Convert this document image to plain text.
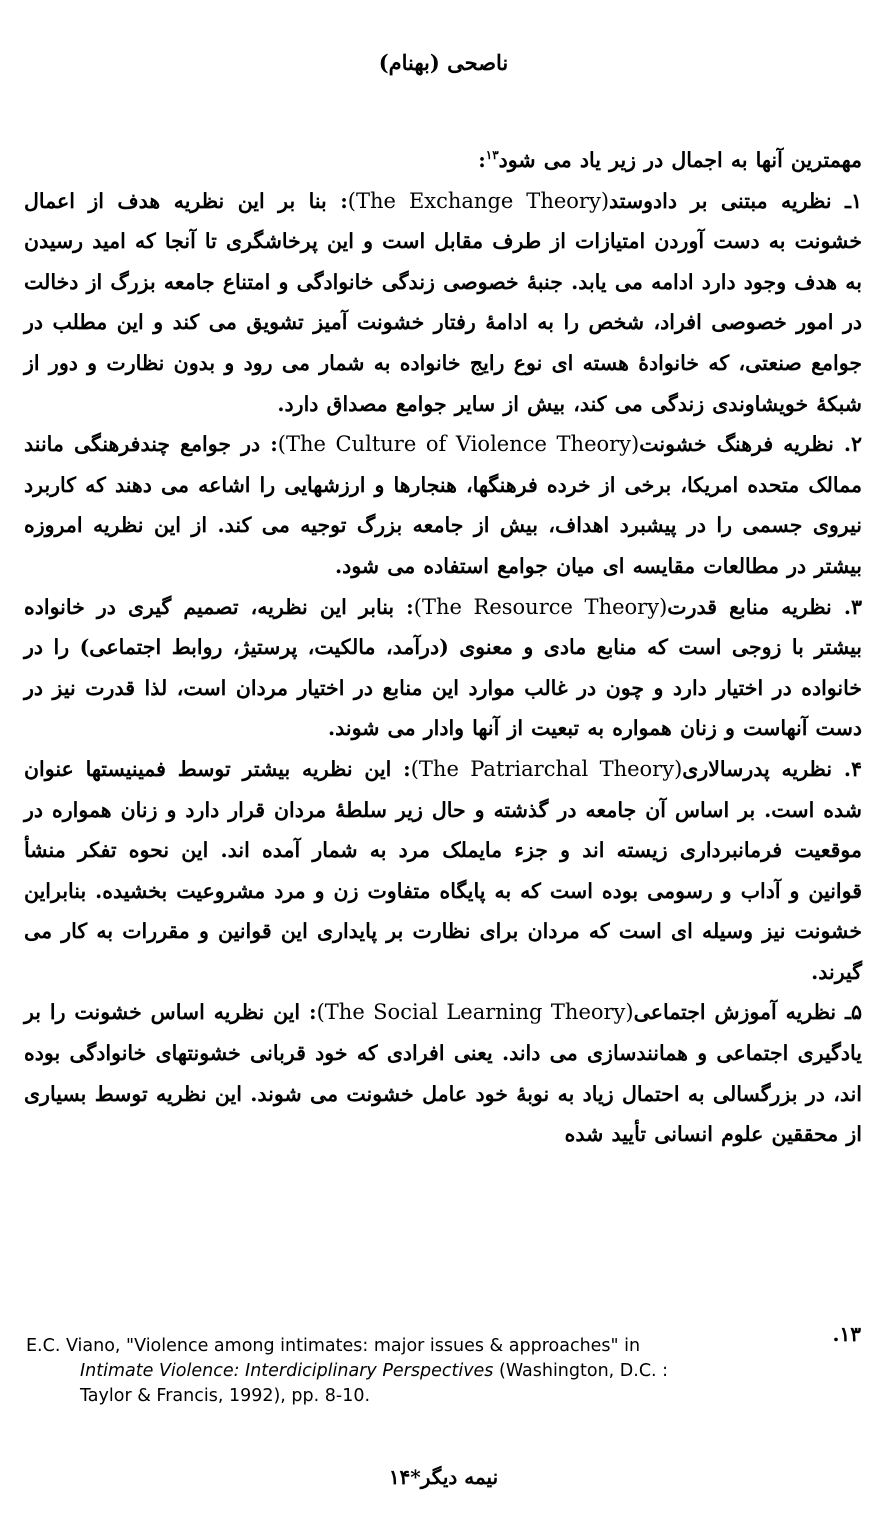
ناصحی (بهنام)

مهمترین آنها به اجمال در زیر یاد می شود$^{۱۳}$:

۱ـ نظریه مبتنی بر دادوستد(The Exchange Theory): بنا بر این نظریه هدف از اعمال خشونت به دست آوردن امتیازات از طرف مقابل است و این پرخاشگری تا آنجا که امید رسیدن به هدف وجود دارد ادامه می یابد. جنبهٔ خصوصی زندگی خانوادگی و امتناع جامعه بزرگ از دخالت در امور خصوصی افراد، شخص را به ادامهٔ رفتار خشونت آمیز تشویق می کند و این مطلب در جوامع صنعتی، که خانوادهٔ هسته ای نوع رایج خانواده به شمار می رود و بدون نظارت و دور از شبکهٔ خویشاوندی زندگی می کند، بیش از سایر جوامع مصداق دارد.

۲. نظریه فرهنگ خشونت(The Culture of Violence Theory): در جوامع چندفرهنگی مانند ممالک متحده امریکا، برخی از خرده فرهنگها، هنجارها و ارزشهایی را اشاعه می دهند که کاربرد نیروی جسمی را در پیشبرد اهداف، بیش از جامعه بزرگ توجیه می کند. از این نظریه امروزه بیشتر در مطالعات مقایسه ای میان جوامع استفاده می شود.

۳. نظریه منابع قدرت(The Resource Theory): بنابر این نظریه، تصمیم گیری در خانواده بیشتر با زوجی است که منابع مادی و معنوی (درآمد، مالکیت، پرستیژ، روابط اجتماعی) را در خانواده در اختیار دارد و چون در غالب موارد این منابع در اختیار مردان است، لذا قدرت نیز در دست آنهاست و زنان همواره به تبعیت از آنها وادار می شوند.

۴. نظریه پدرسالاری(The Patriarchal Theory): این نظریه بیشتر توسط فمینیستها عنوان شده است. بر اساس آن جامعه در گذشته و حال زیر سلطهٔ مردان قرار دارد و زنان همواره در موقعیت فرمانبرداری زیسته اند و جزء مایملک مرد به شمار آمده اند. این نحوه تفکر منشأ قوانین و آداب و رسومی بوده است که به پایگاه متفاوت زن و مرد مشروعیت بخشیده. بنابراین خشونت نیز وسیله ای است که مردان برای نظارت بر پایداری این قوانین و مقررات به کار می گیرند.

۵ـ نظریه آموزش اجتماعی(The Social Learning Theory): این نظریه اساس خشونت را بر یادگیری اجتماعی و همانندسازی می داند. یعنی افرادی که خود قربانی خشونتهای خانوادگی بوده اند، در بزرگسالی به احتمال زیاد به نوبهٔ خود عامل خشونت می شوند. این نظریه توسط بسیاری از محققین علوم انسانی تأیید شده

۱۳.
E.C. Viano, "Violence among intimates: major issues & approaches" in
Intimate Violence: Interdiciplinary Perspectives (Washington, D.C. :
Taylor & Francis, 1992), pp. 8-10.
نیمه دیگر*۱۴
